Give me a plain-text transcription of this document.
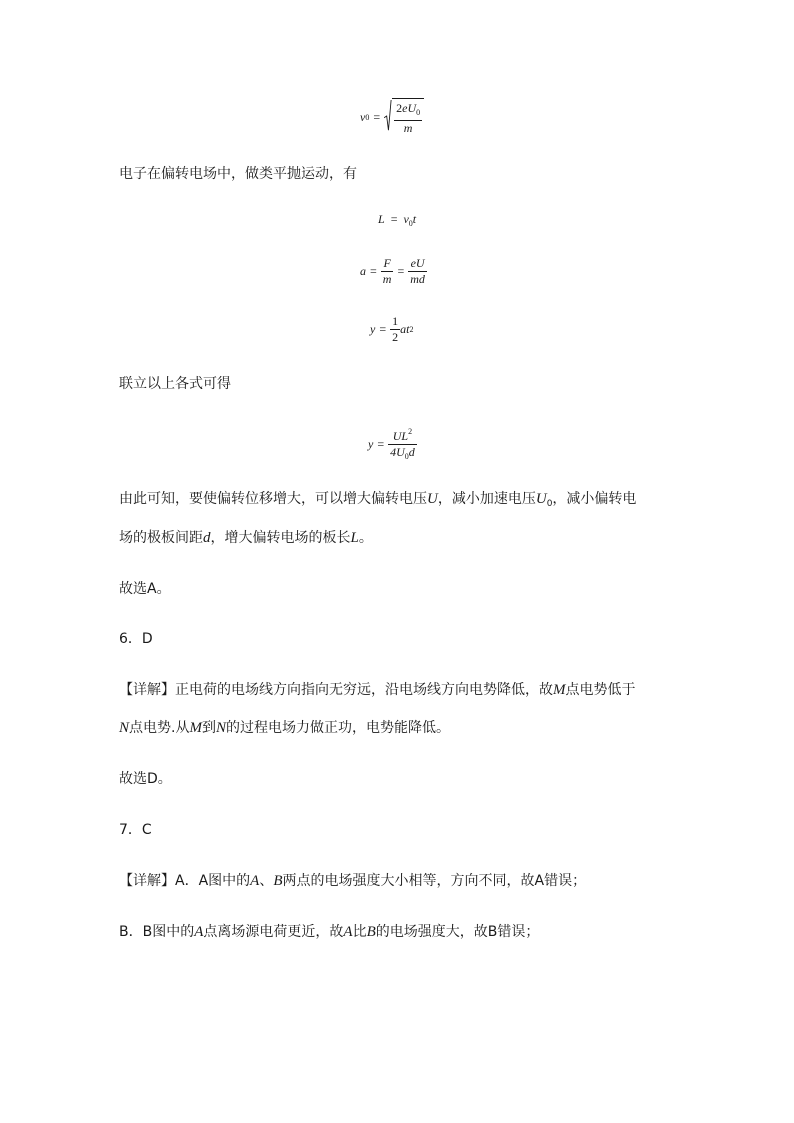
v $0 = \frac{2eU_0}{m}$
电子在偏转电场中，做类平抛运动，有
$L = v_0t$
$a = \frac{F}{m} = \frac{eU}{md}$
$y = \frac{1}{2}$ at 2
联立以上各式可得
$y = \frac{UL^2}{4U_0d}$
由此可知，要使偏转位移增大，可以增大偏转电压U，减小加速电压$U_0$，减小偏转电
场的极板间距d，增大偏转电场的板长L。
故选A。
6．D
【详解】正电荷的电场线方向指向无穷远，沿电场线方向电势降低，故M点电势低于
N点电势.从M到N的过程电场力做正功，电势能降低。
故选D。
7．C
【详解】A．A图中的A、B两点的电场强度大小相等，方向不同，故A错误；
B．B图中的A点离场源电荷更近，故A比B的电场强度大，故B错误；
